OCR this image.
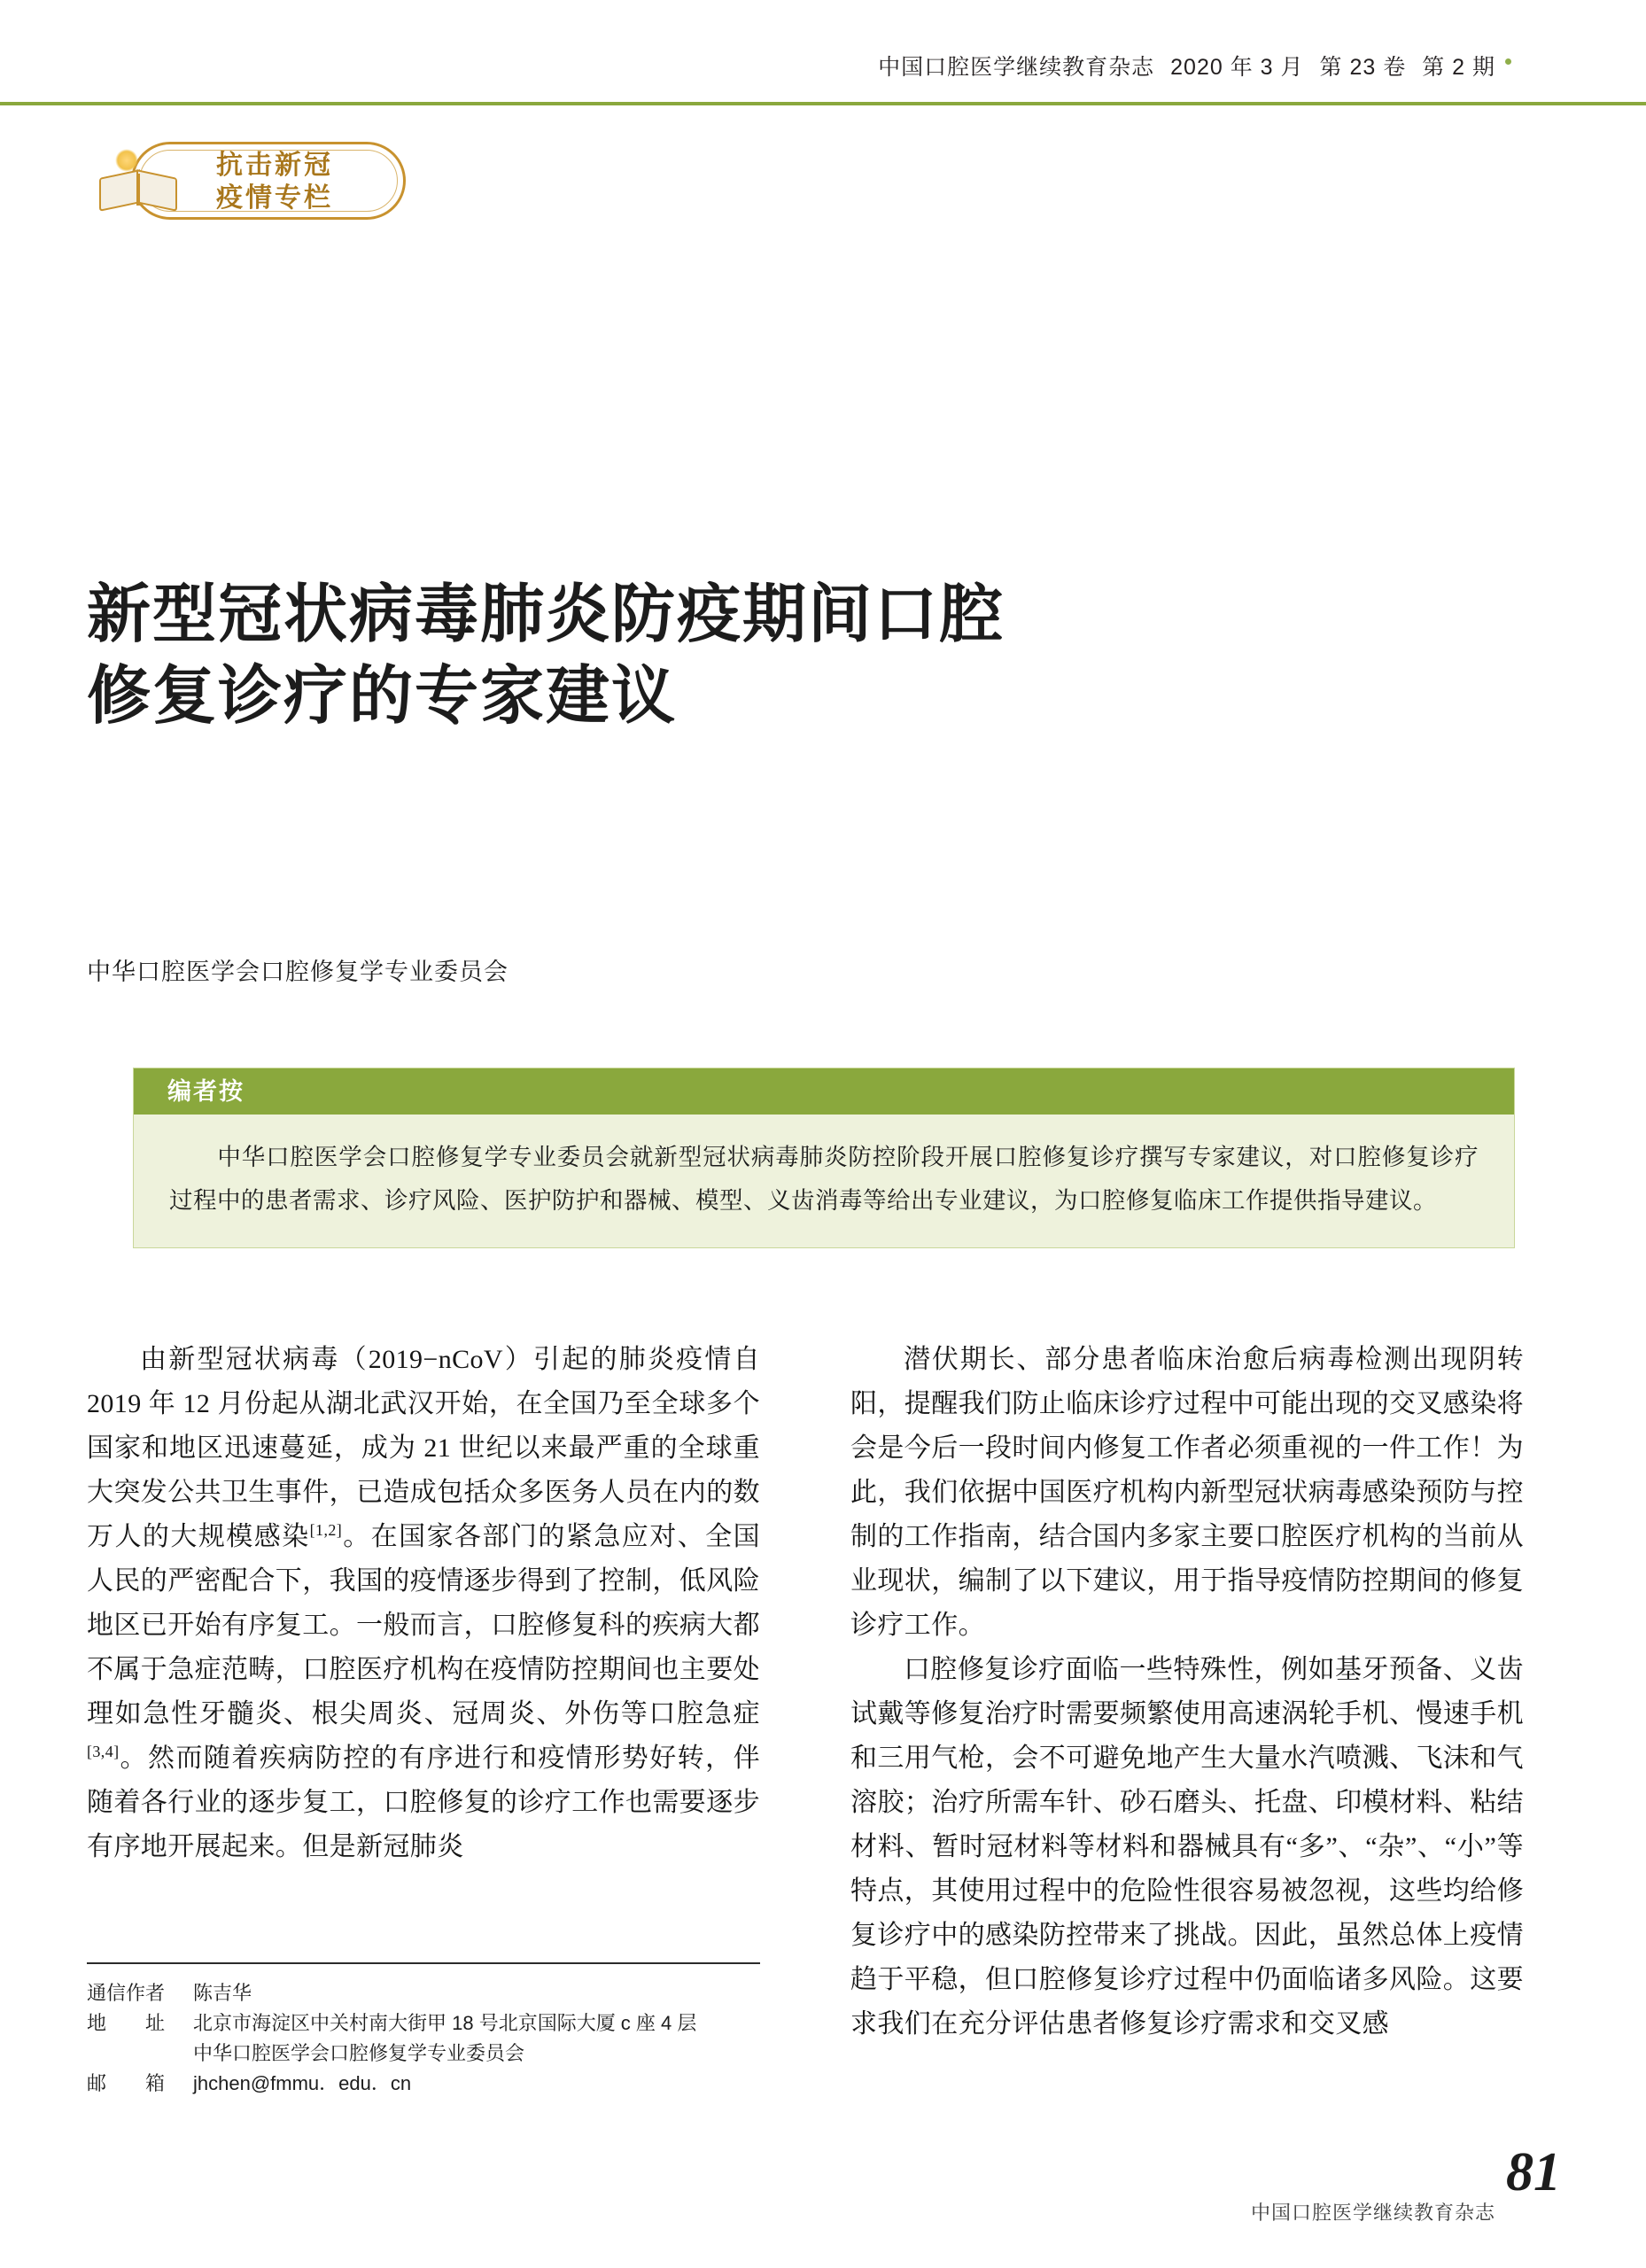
中国口腔医学继续教育杂志 2020 年 3 月 第 23 卷 第 2 期
抗击新冠
疫情专栏
新型冠状病毒肺炎防疫期间口腔
修复诊疗的专家建议
中华口腔医学会口腔修复学专业委员会
编者按
中华口腔医学会口腔修复学专业委员会就新型冠状病毒肺炎防控阶段开展口腔修复诊疗撰写专家建议，对口腔修复诊疗过程中的患者需求、诊疗风险、医护防护和器械、模型、义齿消毒等给出专业建议，为口腔修复临床工作提供指导建议。

由新型冠状病毒（2019−nCoV）引起的肺炎疫情自 2019 年 12 月份起从湖北武汉开始，在全国乃至全球多个国家和地区迅速蔓延，成为 21 世纪以来最严重的全球重大突发公共卫生事件，已造成包括众多医务人员在内的数万人的大规模感染[1,2]。在国家各部门的紧急应对、全国人民的严密配合下，我国的疫情逐步得到了控制，低风险地区已开始有序复工。一般而言，口腔修复科的疾病大都不属于急症范畴，口腔医疗机构在疫情防控期间也主要处理如急性牙髓炎、根尖周炎、冠周炎、外伤等口腔急症[3,4]。然而随着疾病防控的有序进行和疫情形势好转，伴随着各行业的逐步复工，口腔修复的诊疗工作也需要逐步有序地开展起来。但是新冠肺炎

潜伏期长、部分患者临床治愈后病毒检测出现阴转阳，提醒我们防止临床诊疗过程中可能出现的交叉感染将会是今后一段时间内修复工作者必须重视的一件工作！为此，我们依据中国医疗机构内新型冠状病毒感染预防与控制的工作指南，结合国内多家主要口腔医疗机构的当前从业现状，编制了以下建议，用于指导疫情防控期间的修复诊疗工作。

口腔修复诊疗面临一些特殊性，例如基牙预备、义齿试戴等修复治疗时需要频繁使用高速涡轮手机、慢速手机和三用气枪，会不可避免地产生大量水汽喷溅、飞沫和气溶胶；治疗所需车针、砂石磨头、托盘、印模材料、粘结材料、暂时冠材料等材料和器械具有“多”、“杂”、“小”等特点，其使用过程中的危险性很容易被忽视，这些均给修复诊疗中的感染防控带来了挑战。因此，虽然总体上疫情趋于平稳，但口腔修复诊疗过程中仍面临诸多风险。这要求我们在充分评估患者修复诊疗需求和交叉感

通信作者	陈吉华
地　　址	北京市海淀区中关村南大街甲 18 号北京国际大厦 c 座 4 层
中华口腔医学会口腔修复学专业委员会
邮　　箱	jhchen@fmmu．edu．cn
中国口腔医学继续教育杂志
81
